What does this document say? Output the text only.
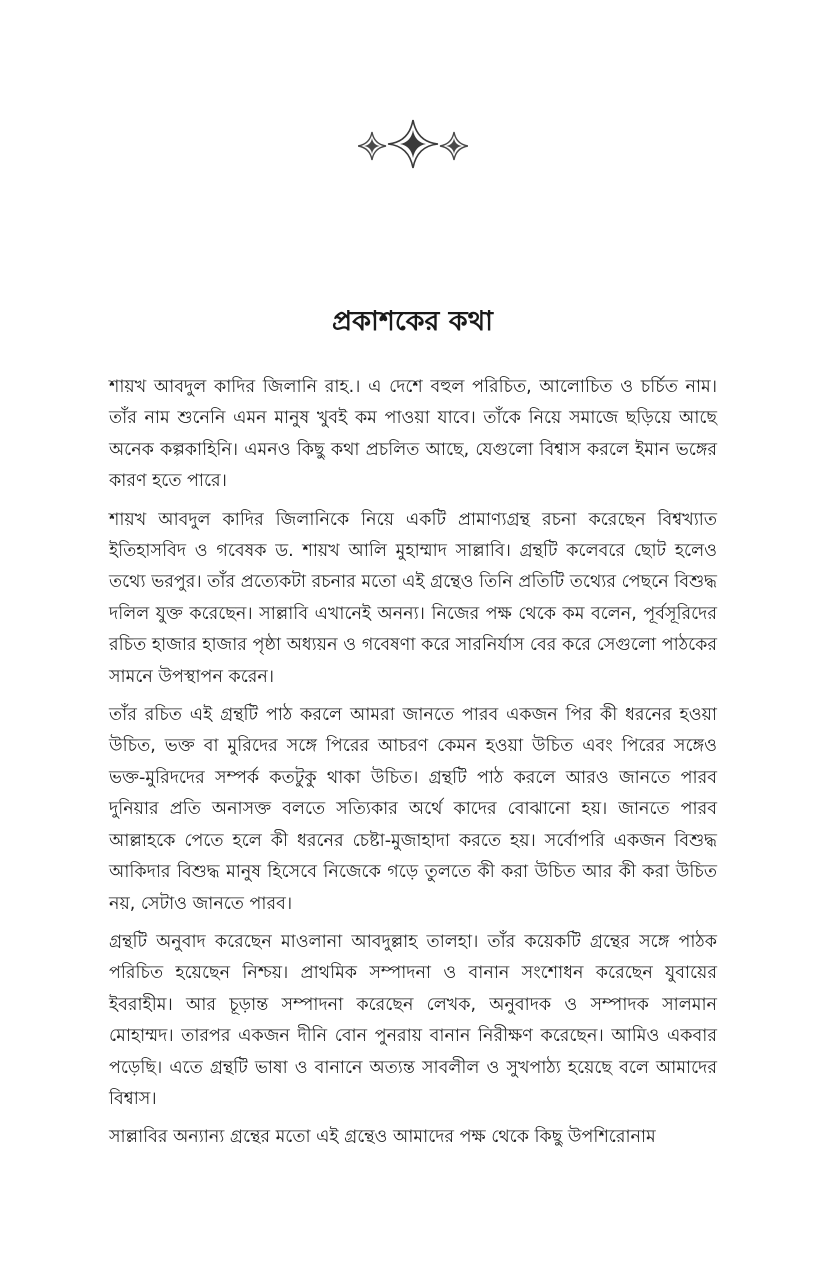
প্রকাশকের কথা

শায়খ আবদুল কাদির জিলানি রাহ.। এ দেশে বহুল পরিচিত, আলোচিত ও চর্চিত নাম। তাঁর নাম শুনেনি এমন মানুষ খুবই কম পাওয়া যাবে। তাঁকে নিয়ে সমাজে ছড়িয়ে আছে অনেক কল্পকাহিনি। এমনও কিছু কথা প্রচলিত আছে, যেগুলো বিশ্বাস করলে ইমান ভঙ্গের কারণ হতে পারে।

শায়খ আবদুল কাদির জিলানিকে নিয়ে একটি প্রামাণ্যগ্রন্থ রচনা করেছেন বিশ্বখ্যাত ইতিহাসবিদ ও গবেষক ড. শায়খ আলি মুহাম্মাদ সাল্লাবি। গ্রন্থটি কলেবরে ছোট হলেও তথ্যে ভরপুর। তাঁর প্রত্যেকটা রচনার মতো এই গ্রন্থেও তিনি প্রতিটি তথ্যের পেছনে বিশুদ্ধ দলিল যুক্ত করেছেন। সাল্লাবি এখানেই অনন্য। নিজের পক্ষ থেকে কম বলেন, পূর্বসূরিদের রচিত হাজার হাজার পৃষ্ঠা অধ্যয়ন ও গবেষণা করে সারনির্যাস বের করে সেগুলো পাঠকের সামনে উপস্থাপন করেন।

তাঁর রচিত এই গ্রন্থটি পাঠ করলে আমরা জানতে পারব একজন পির কী ধরনের হওয়া উচিত, ভক্ত বা মুরিদের সঙ্গে পিরের আচরণ কেমন হওয়া উচিত এবং পিরের সঙ্গেও ভক্ত-মুরিদদের সম্পর্ক কতটুকু থাকা উচিত। গ্রন্থটি পাঠ করলে আরও জানতে পারব দুনিয়ার প্রতি অনাসক্ত বলতে সত্যিকার অর্থে কাদের বোঝানো হয়। জানতে পারব আল্লাহকে পেতে হলে কী ধরনের চেষ্টা-মুজাহাদা করতে হয়। সর্বোপরি একজন বিশুদ্ধ আকিদার বিশুদ্ধ মানুষ হিসেবে নিজেকে গড়ে তুলতে কী করা উচিত আর কী করা উচিত নয়, সেটাও জানতে পারব।

গ্রন্থটি অনুবাদ করেছেন মাওলানা আবদুল্লাহ তালহা। তাঁর কয়েকটি গ্রন্থের সঙ্গে পাঠক পরিচিত হয়েছেন নিশ্চয়। প্রাথমিক সম্পাদনা ও বানান সংশোধন করেছেন যুবায়ের ইবরাহীম। আর চূড়ান্ত সম্পাদনা করেছেন লেখক, অনুবাদক ও সম্পাদক সালমান মোহাম্মদ। তারপর একজন দীনি বোন পুনরায় বানান নিরীক্ষণ করেছেন। আমিও একবার পড়েছি। এতে গ্রন্থটি ভাষা ও বানানে অত্যন্ত সাবলীল ও সুখপাঠ্য হয়েছে বলে আমাদের বিশ্বাস।

সাল্লাবির অন্যান্য গ্রন্থের মতো এই গ্রন্থেও আমাদের পক্ষ থেকে কিছু উপশিরোনাম
